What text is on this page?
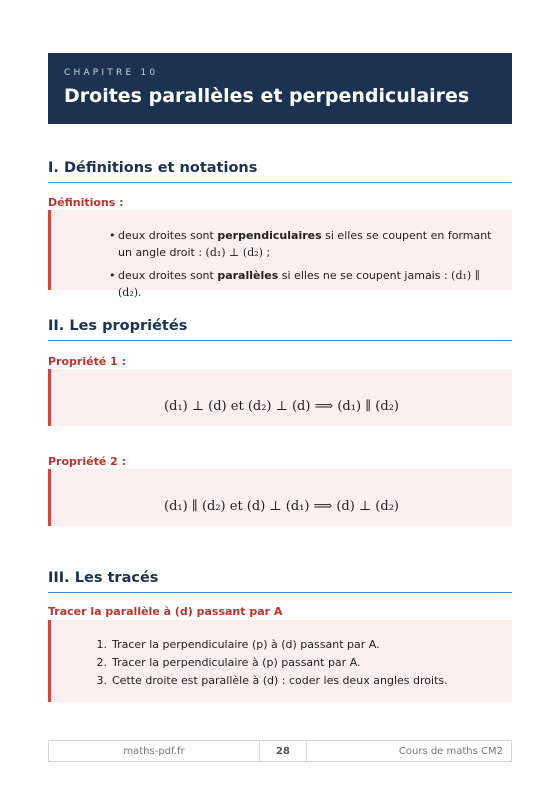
CHAPITRE 10
Droites parallèles et perpendiculaires
I. Définitions et notations
Définitions :
• deux droites sont perpendiculaires si elles se coupent en formant un angle droit : (d₁) ⊥ (d₂) ;
• deux droites sont parallèles si elles ne se coupent jamais : (d₁) ∥ (d₂).
II. Les propriétés
Propriété 1 :
(d₁) ⊥ (d) et (d₂) ⊥ (d) ⟹ (d₁) ∥ (d₂)
Propriété 2 :
(d₁) ∥ (d₂) et (d) ⊥ (d₁) ⟹ (d) ⊥ (d₂)
III. Les tracés
Tracer la parallèle à (d) passant par A
1. Tracer la perpendiculaire (p) à (d) passant par A.
2. Tracer la perpendiculaire à (p) passant par A.
3. Cette droite est parallèle à (d) : coder les deux angles droits.
maths-pdf.fr	28	Cours de maths CM2
